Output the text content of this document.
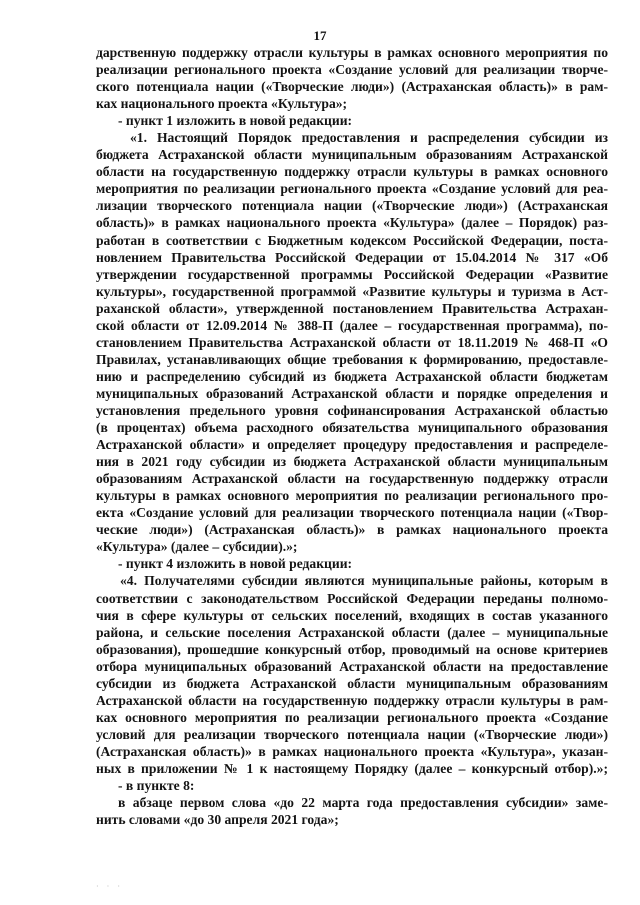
17
дарственную поддержку отрасли культуры в рамках основного мероприятия по
реализации регионального проекта «Создание условий для реализации творче-
ского потенциала нации («Творческие люди») (Астраханская область)» в рам-
ках национального проекта «Культура»;
- пункт 1 изложить в новой редакции:
«1. Настоящий Порядок предоставления и распределения субсидии из
бюджета Астраханской области муниципальным образованиям Астраханской
области на государственную поддержку отрасли культуры в рамках основного
мероприятия по реализации регионального проекта «Создание условий для реа-
лизации творческого потенциала нации («Творческие люди») (Астраханская
область)» в рамках национального проекта «Культура» (далее – Порядок) раз-
работан в соответствии с Бюджетным кодексом Российской Федерации, поста-
новлением Правительства Российской Федерации от 15.04.2014 № 317 «Об
утверждении государственной программы Российской Федерации «Развитие
культуры», государственной программой «Развитие культуры и туризма в Аст-
раханской области», утвержденной постановлением Правительства Астрахан-
ской области от 12.09.2014 № 388-П (далее – государственная программа), по-
становлением Правительства Астраханской области от 18.11.2019 № 468-П «О
Правилах, устанавливающих общие требования к формированию, предоставле-
нию и распределению субсидий из бюджета Астраханской области бюджетам
муниципальных образований Астраханской области и порядке определения и
установления предельного уровня софинансирования Астраханской областью
(в процентах) объема расходного обязательства муниципального образования
Астраханской области» и определяет процедуру предоставления и распределе-
ния в 2021 году субсидии из бюджета Астраханской области муниципальным
образованиям Астраханской области на государственную поддержку отрасли
культуры в рамках основного мероприятия по реализации регионального про-
екта «Создание условий для реализации творческого потенциала нации («Твор-
ческие люди») (Астраханская область)» в рамках национального проекта
«Культура» (далее – субсидии).»;
- пункт 4 изложить в новой редакции:
«4. Получателями субсидии являются муниципальные районы, которым в
соответствии с законодательством Российской Федерации переданы полномо-
чия в сфере культуры от сельских поселений, входящих в состав указанного
района, и сельские поселения Астраханской области (далее – муниципальные
образования), прошедшие конкурсный отбор, проводимый на основе критериев
отбора муниципальных образований Астраханской области на предоставление
субсидии из бюджета Астраханской области муниципальным образованиям
Астраханской области на государственную поддержку отрасли культуры в рам-
ках основного мероприятия по реализации регионального проекта «Создание
условий для реализации творческого потенциала нации («Творческие люди»)
(Астраханская область)» в рамках национального проекта «Культура», указан-
ных в приложении № 1 к настоящему Порядку (далее – конкурсный отбор).»;
- в пункте 8:
в абзаце первом слова «до 22 марта года предоставления субсидии» заме-
нить словами «до 30 апреля 2021 года»;
· · ·
